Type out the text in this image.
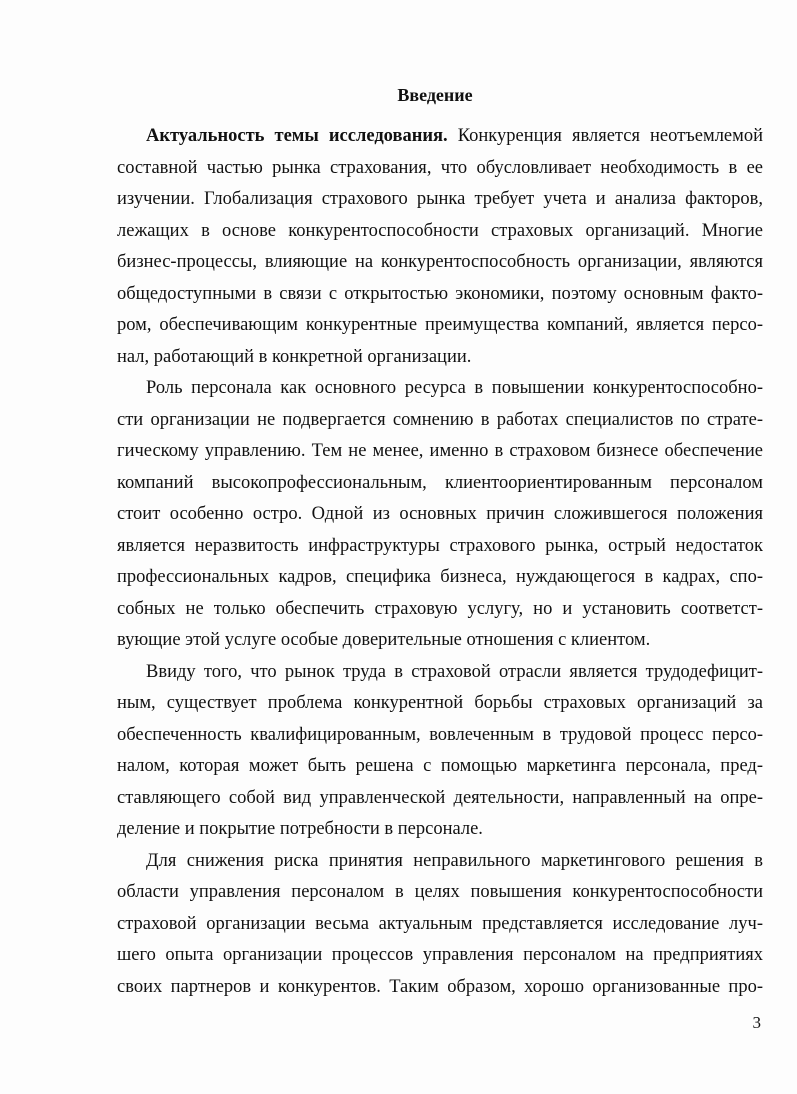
Введение
Актуальность темы исследования. Конкуренция является неотъемлемой
составной частью рынка страхования, что обусловливает необходимость в ее
изучении. Глобализация страхового рынка требует учета и анализа факторов,
лежащих в основе конкурентоспособности страховых организаций. Многие
бизнес-процессы, влияющие на конкурентоспособность организации, являются
общедоступными в связи с открытостью экономики, поэтому основным факто-
ром, обеспечивающим конкурентные преимущества компаний, является персо-
нал, работающий в конкретной организации.
Роль персонала как основного ресурса в повышении конкурентоспособно-
сти организации не подвергается сомнению в работах специалистов по страте-
гическому управлению. Тем не менее, именно в страховом бизнесе обеспечение
компаний высокопрофессиональным, клиентоориентированным персоналом
стоит особенно остро. Одной из основных причин сложившегося положения
является неразвитость инфраструктуры страхового рынка, острый недостаток
профессиональных кадров, специфика бизнеса, нуждающегося в кадрах, спо-
собных не только обеспечить страховую услугу, но и установить соответст-
вующие этой услуге особые доверительные отношения с клиентом.
Ввиду того, что рынок труда в страховой отрасли является трудодефицит-
ным, существует проблема конкурентной борьбы страховых организаций за
обеспеченность квалифицированным, вовлеченным в трудовой процесс персо-
налом, которая может быть решена с помощью маркетинга персонала, пред-
ставляющего собой вид управленческой деятельности, направленный на опре-
деление и покрытие потребности в персонале.
Для снижения риска принятия неправильного маркетингового решения в
области управления персоналом в целях повышения конкурентоспособности
страховой организации весьма актуальным представляется исследование луч-
шего опыта организации процессов управления персоналом на предприятиях
своих партнеров и конкурентов. Таким образом, хорошо организованные про-
3
